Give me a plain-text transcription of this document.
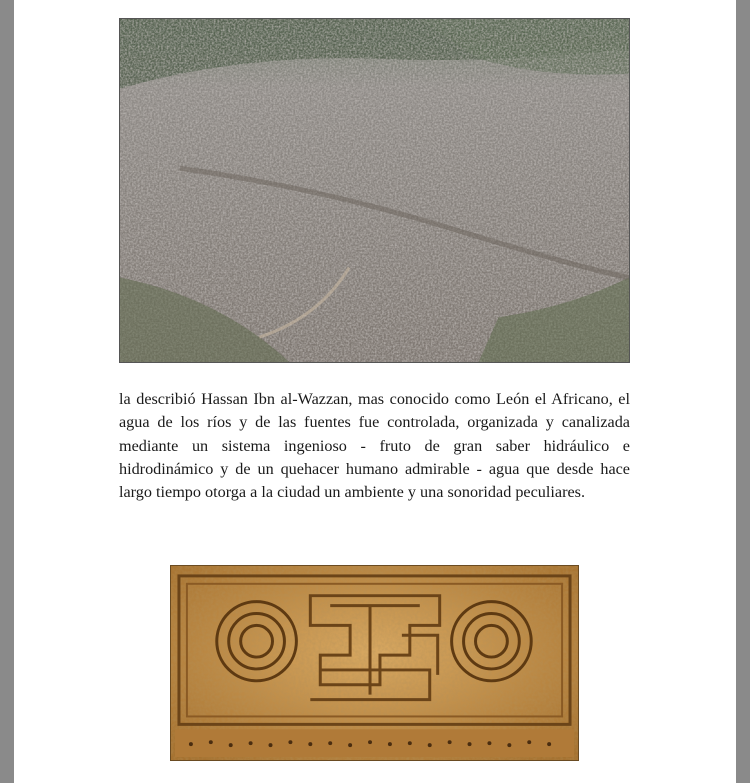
la describió Hassan Ibn al-Wazzan, mas conocido como León el Africano, el agua de los ríos y de las fuentes fue controlada, organizada y canalizada mediante un sistema ingenioso - fruto de gran saber hidráulico e hidrodinámico y de un quehacer humano admirable - agua que desde hace largo tiempo otorga a la ciudad un ambiente y una sonoridad peculiares.
